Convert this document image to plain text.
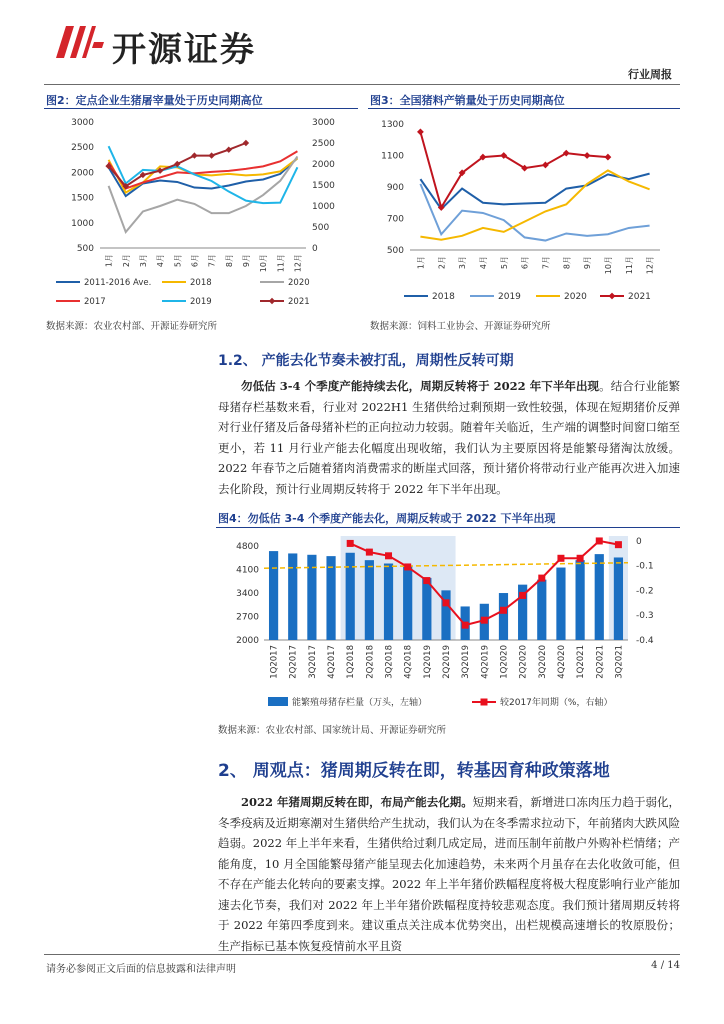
开源证券
行业周报
图2：定点企业生猪屠宰量处于历史同期高位
500
1000
1500
2000
2500
3000
0
500
1000
1500
2000
2500
3000
1月 2月 3月 4月 5月 6月 7月 8月 9月 10月 11月 12月
2011-2016 Ave.	2018	2020
2017	2019	2021
数据来源：农业农村部、开源证券研究所
图3：全国猪料产销量处于历史同期高位
500
700
900
1100
1300
1月 2月 3月 4月 5月 6月 7月 8月 9月 10月 11月 12月
2018	2019	2020	2021
数据来源：饲料工业协会、开源证券研究所
1.2、 产能去化节奏未被打乱，周期性反转可期
勿低估 3-4 个季度产能持续去化，周期反转将于 2022 年下半年出现。结合行业能繁母猪存栏基数来看，行业对 2022H1 生猪供给过剩预期一致性较强，体现在短期猪价反弹对行业仔猪及后备母猪补栏的正向拉动力较弱。随着年关临近，生产端的调整时间窗口缩至更小，若 11 月行业产能去化幅度出现收缩，我们认为主要原因将是能繁母猪淘汰放缓。2022 年春节之后随着猪肉消费需求的断崖式回落，预计猪价将带动行业产能再次进入加速去化阶段，预计行业周期反转将于 2022 年下半年出现。
图4：勿低估 3-4 个季度产能去化，周期反转或于 2022 下半年出现
2000
2700
3400
4100
4800
0
-0.1
-0.2
-0.3
-0.4
1Q2017 2Q2017 3Q2017 4Q2017 1Q2018 2Q2018 3Q2018 4Q2018 1Q2019 2Q2019 3Q2019 4Q2019 1Q2020 2Q2020 3Q2020 4Q2020 1Q2021 2Q2021 3Q2021
能繁殖母猪存栏量（万头，左轴）	较2017年同期（%，右轴）
数据来源：农业农村部、国家统计局、开源证券研究所
2、 周观点：猪周期反转在即，转基因育种政策落地
2022 年猪周期反转在即，布局产能去化期。短期来看，新增进口冻肉压力趋于弱化，冬季疫病及近期寒潮对生猪供给产生扰动，我们认为在冬季需求拉动下，年前猪肉大跌风险趋弱。2022 年上半年来看，生猪供给过剩几成定局，进而压制年前散户外购补栏情绪；产能角度，10 月全国能繁母猪产能呈现去化加速趋势，未来两个月虽存在去化收敛可能，但不存在产能去化转向的要素支撑。2022 年上半年猪价跌幅程度将极大程度影响行业产能加速去化节奏，我们对 2022 年上半年猪价跌幅程度持较悲观态度。我们预计猪周期反转将于 2022 年第四季度到来。建议重点关注成本优势突出，出栏规模高速增长的牧原股份；生产指标已基本恢复疫情前水平且资
请务必参阅正文后面的信息披露和法律声明	4 / 14
